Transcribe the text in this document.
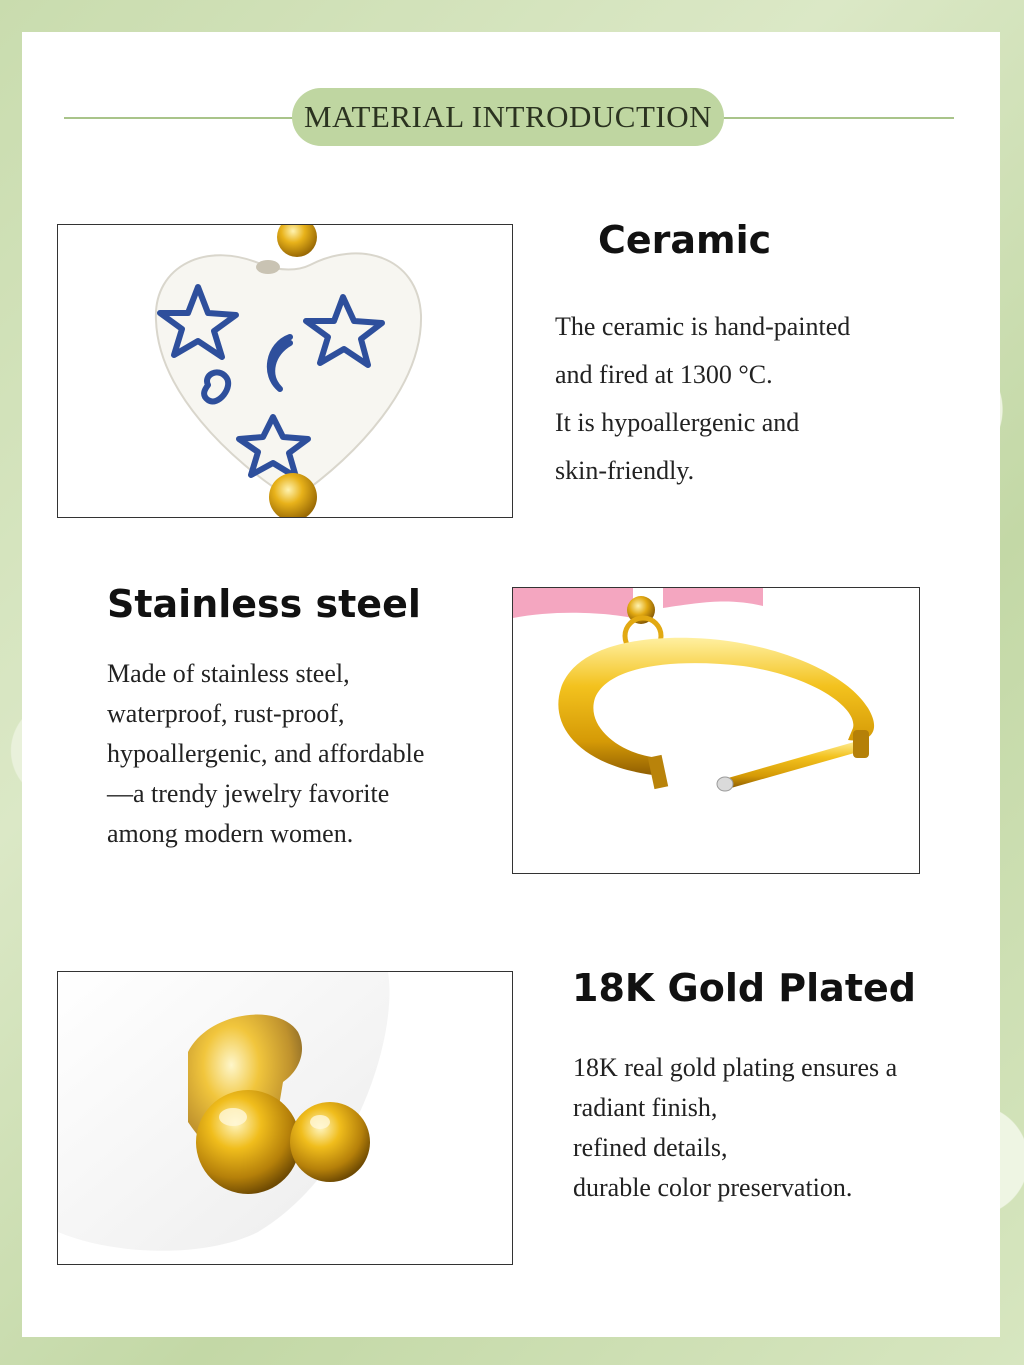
MATERIAL INTRODUCTION
Ceramic
The ceramic is hand-painted
and fired at 1300 °C.
It is hypoallergenic and
skin-friendly.
Stainless steel
Made of stainless steel,
waterproof, rust-proof,
hypoallergenic, and affordable
—a trendy jewelry favorite
among modern women.
18K Gold Plated
18K real gold plating ensures a
radiant finish,
refined details,
durable color preservation.
